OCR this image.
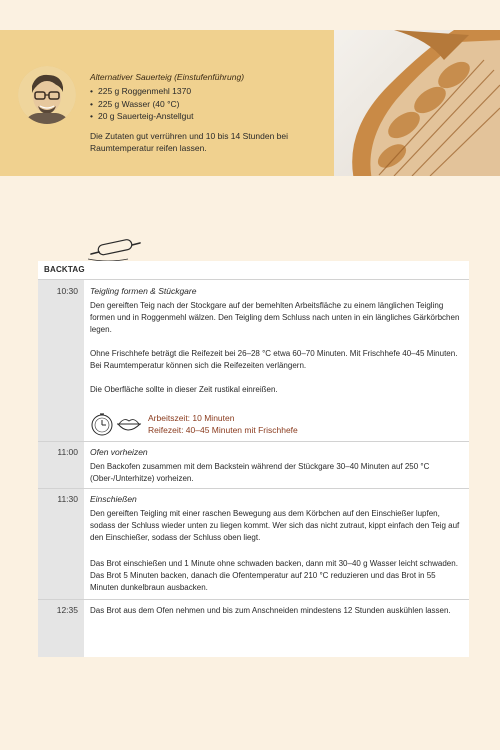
Alternativer Sauerteig (Einstufenführung)
• 225 g Roggenmehl 1370
• 225 g Wasser (40 °C)
• 20 g Sauerteig-Anstellgut
Die Zutaten gut verrühren und 10 bis 14 Stunden bei Raumtemperatur reifen lassen.
BACKTAG
10:30 Teigling formen & Stückgare
Den gereiften Teig nach der Stockgare auf der bemehlten Arbeitsfläche zu einem länglichen Teigling formen und in Roggenmehl wälzen. Den Teigling dem Schluss nach unten in ein längliches Gärkörbchen legen.
Ohne Frischhefe beträgt die Reifezeit bei 26–28 °C etwa 60–70 Minuten. Mit Frischhefe 40–45 Minuten. Bei Raumtemperatur können sich die Reifezeiten verlängern.
Die Oberfläche sollte in dieser Zeit rustikal einreißen.
Arbeitszeit: 10 Minuten
Reifezeit: 40–45 Minuten mit Frischhefe
11:00 Ofen vorheizen
Den Backofen zusammen mit dem Backstein während der Stückgare 30–40 Minuten auf 250 °C (Ober-/Unterhitze) vorheizen.
11:30 Einschießen
Den gereiften Teigling mit einer raschen Bewegung aus dem Körbchen auf den Einschießer lupfen, sodass der Schluss wieder unten zu liegen kommt. Wer sich das nicht zutraut, kippt einfach den Teig auf den Einschießer, sodass der Schluss oben liegt.
Das Brot einschießen und 1 Minute ohne schwaden backen, dann mit 30–40 g Wasser leicht schwaden. Das Brot 5 Minuten backen, danach die Ofentemperatur auf 210 °C reduzieren und das Brot in 55 Minuten dunkelbraun ausbacken.
12:35 Das Brot aus dem Ofen nehmen und bis zum Anschneiden mindestens 12 Stunden auskühlen lassen.
